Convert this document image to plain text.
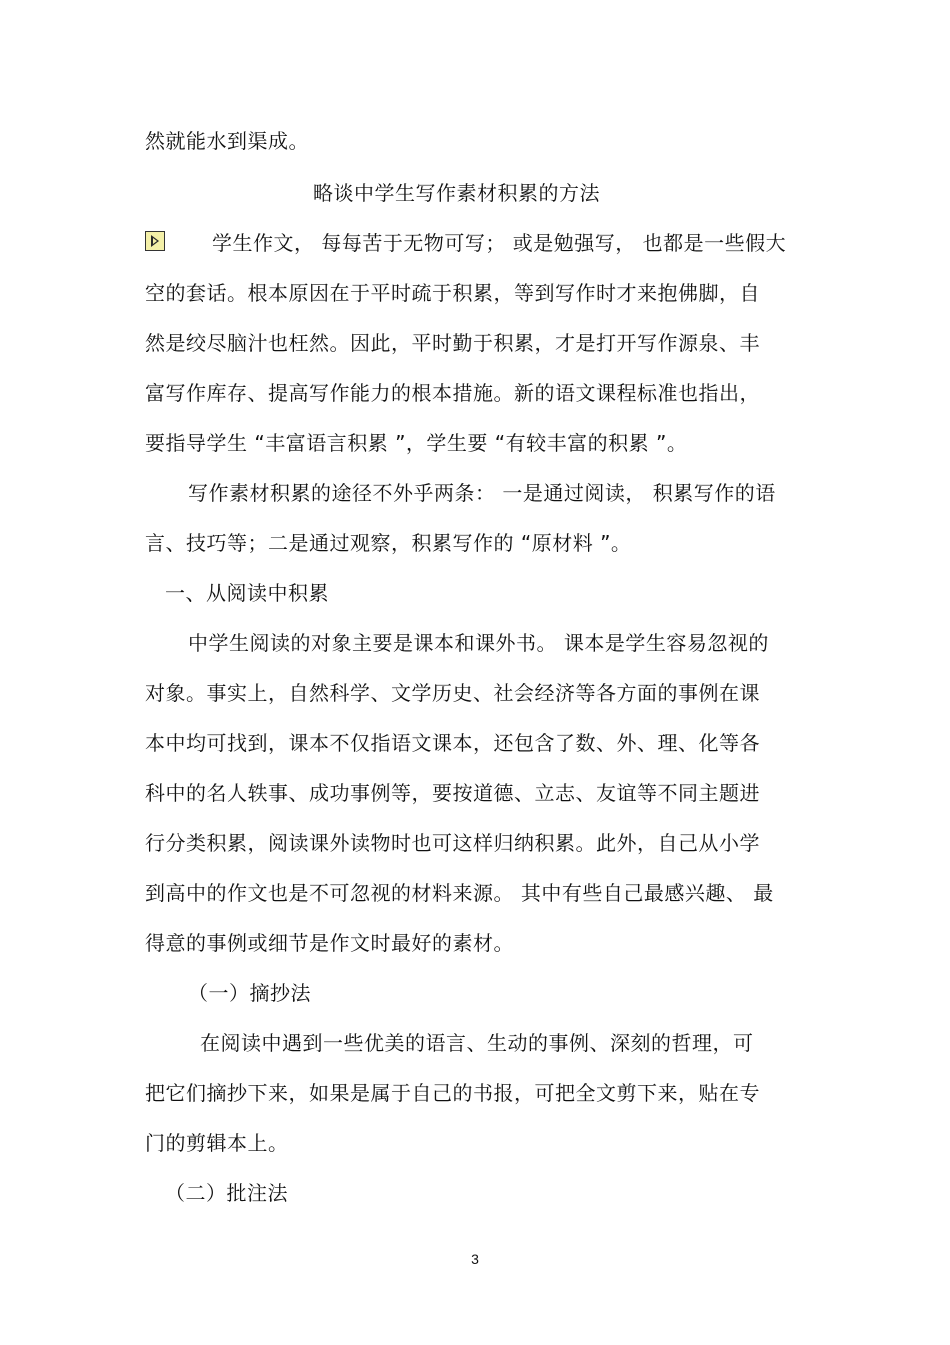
然就能水到渠成。
略谈中学生写作素材积累的方法
学生作文， 每每苦于无物可写； 或是勉强写， 也都是一些假大
空的套话。根本原因在于平时疏于积累，等到写作时才来抱佛脚，自
然是绞尽脑汁也枉然。因此，平时勤于积累，才是打开写作源泉、丰
富写作库存、提高写作能力的根本措施。新的语文课程标准也指出，
要指导学生 “丰富语言积累 ”，学生要 “有较丰富的积累 ”。
写作素材积累的途径不外乎两条： 一是通过阅读， 积累写作的语
言、技巧等；二是通过观察，积累写作的 “原材料 ”。
一、从阅读中积累
中学生阅读的对象主要是课本和课外书。 课本是学生容易忽视的
对象。事实上，自然科学、文学历史、社会经济等各方面的事例在课
本中均可找到，课本不仅指语文课本，还包含了数、外、理、化等各
科中的名人轶事、成功事例等，要按道德、立志、友谊等不同主题进
行分类积累，阅读课外读物时也可这样归纳积累。此外，自己从小学
到高中的作文也是不可忽视的材料来源。 其中有些自己最感兴趣、 最
得意的事例或细节是作文时最好的素材。
（一）摘抄法
在阅读中遇到一些优美的语言、生动的事例、深刻的哲理，可
把它们摘抄下来，如果是属于自己的书报，可把全文剪下来，贴在专
门的剪辑本上。
（二）批注法
3
